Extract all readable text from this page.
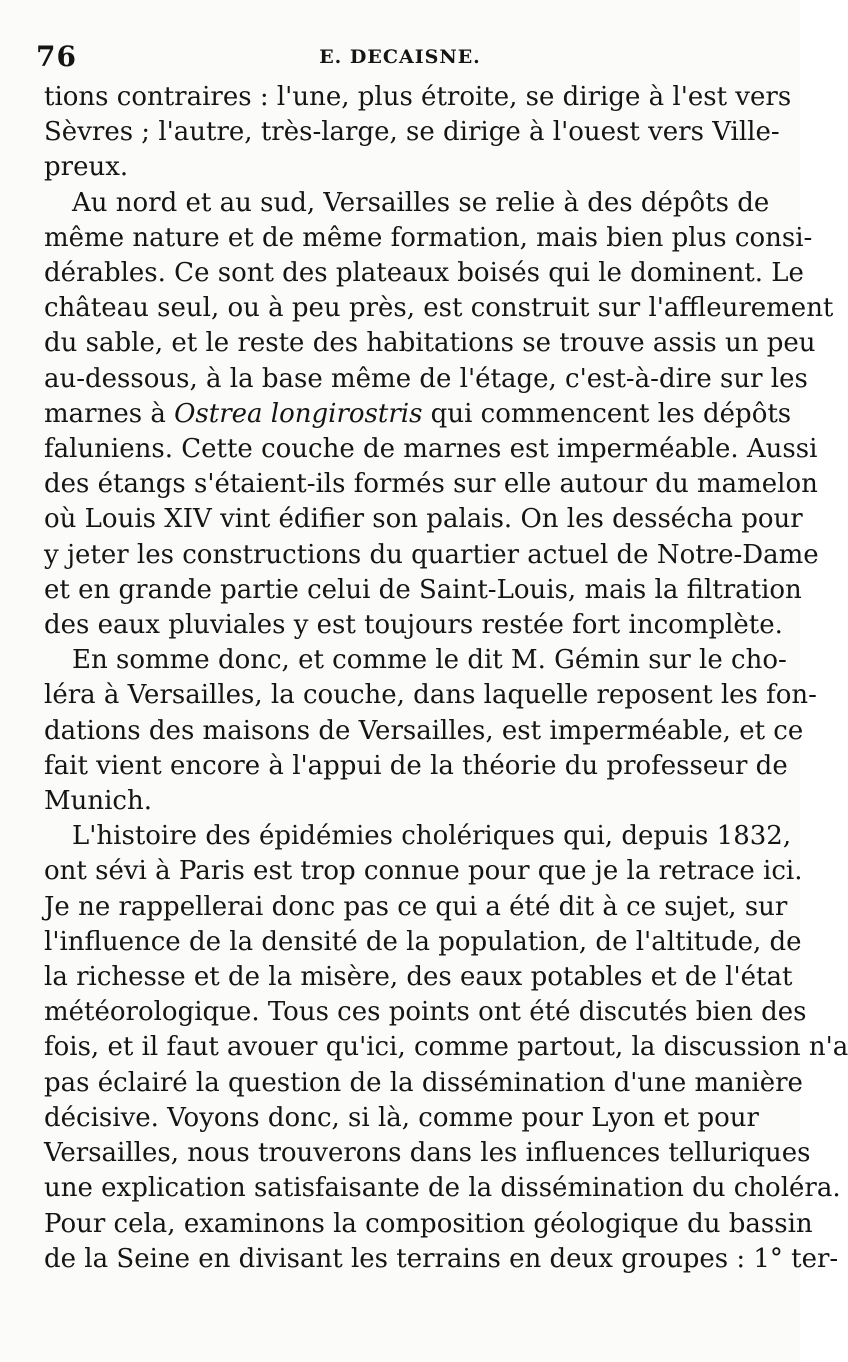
76	E. DECAISNE.
tions contraires : l'une, plus étroite, se dirige à l'est vers
Sèvres ; l'autre, très-large, se dirige à l'ouest vers Ville-
preux.
Au nord et au sud, Versailles se relie à des dépôts de
même nature et de même formation, mais bien plus consi-
dérables. Ce sont des plateaux boisés qui le dominent. Le
château seul, ou à peu près, est construit sur l'affleurement
du sable, et le reste des habitations se trouve assis un peu
au-dessous, à la base même de l'étage, c'est-à-dire sur les
marnes à Ostrea longirostris qui commencent les dépôts
faluniens. Cette couche de marnes est imperméable. Aussi
des étangs s'étaient-ils formés sur elle autour du mamelon
où Louis XIV vint édifier son palais. On les dessécha pour
y jeter les constructions du quartier actuel de Notre-Dame
et en grande partie celui de Saint-Louis, mais la filtration
des eaux pluviales y est toujours restée fort incomplète.
En somme donc, et comme le dit M. Gémin sur le cho-
léra à Versailles, la couche, dans laquelle reposent les fon-
dations des maisons de Versailles, est imperméable, et ce
fait vient encore à l'appui de la théorie du professeur de
Munich.
L'histoire des épidémies cholériques qui, depuis 1832,
ont sévi à Paris est trop connue pour que je la retrace ici.
Je ne rappellerai donc pas ce qui a été dit à ce sujet, sur
l'influence de la densité de la population, de l'altitude, de
la richesse et de la misère, des eaux potables et de l'état
météorologique. Tous ces points ont été discutés bien des
fois, et il faut avouer qu'ici, comme partout, la discussion n'a
pas éclairé la question de la dissémination d'une manière
décisive. Voyons donc, si là, comme pour Lyon et pour
Versailles, nous trouverons dans les influences telluriques
une explication satisfaisante de la dissémination du choléra.
Pour cela, examinons la composition géologique du bassin
de la Seine en divisant les terrains en deux groupes : 1° ter-
